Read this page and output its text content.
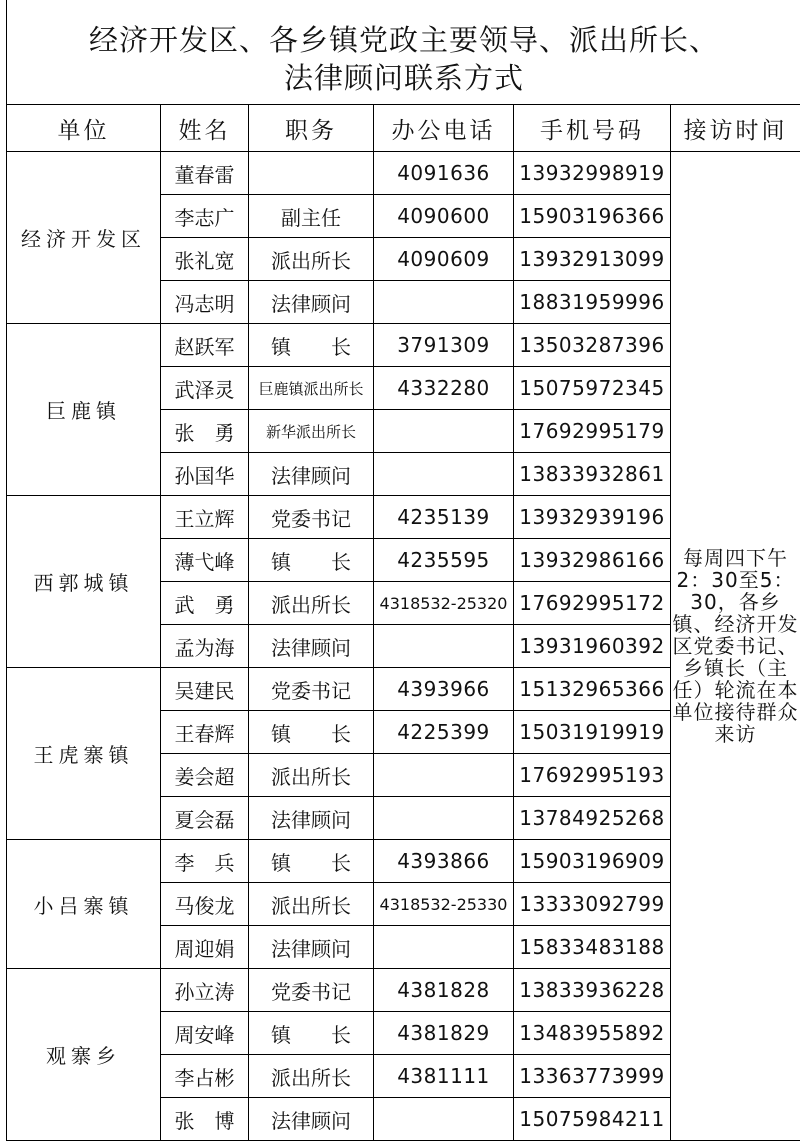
经济开发区、各乡镇党政主要领导、派出所长、
法律顾问联系方式
单位	姓名	职务	办公电话	手机号码	接访时间
经济开发区	董春雷		4091636	13932998919	每周四下午2：30至5：30，各乡镇、经济开发区党委书记、乡镇长（主任）轮流在本单位接待群众来访

	李志广	副主任	4090600	15903196366	
	张礼宽	派出所长	4090609	13932913099	
	冯志明	法律顾问		18831959996	
巨鹿镇	赵跃军	镇　　长	3791309	13503287396	
	武泽灵	巨鹿镇派出所长	4332280	15075972345	
	张　勇	新华派出所长		17692995179	
	孙国华	法律顾问		13833932861	
西郭城镇	王立辉	党委书记	4235139	13932939196	
	薄弋峰	镇　　长	4235595	13932986166	
	武　勇	派出所长	4318532-25320	17692995172	
	孟为海	法律顾问		13931960392	
王虎寨镇	吴建民	党委书记	4393966	15132965366	
	王春辉	镇　　长	4225399	15031919919	
	姜会超	派出所长		17692995193	
	夏会磊	法律顾问		13784925268	
小吕寨镇	李　兵	镇　　长	4393866	15903196909	
	马俊龙	派出所长	4318532-25330	13333092799	
	周迎娟	法律顾问		15833483188	
观寨乡	孙立涛	党委书记	4381828	13833936228	
	周安峰	镇　　长	4381829	13483955892	
	李占彬	派出所长	4381111	13363773999	
	张　博	法律顾问		15075984211	
